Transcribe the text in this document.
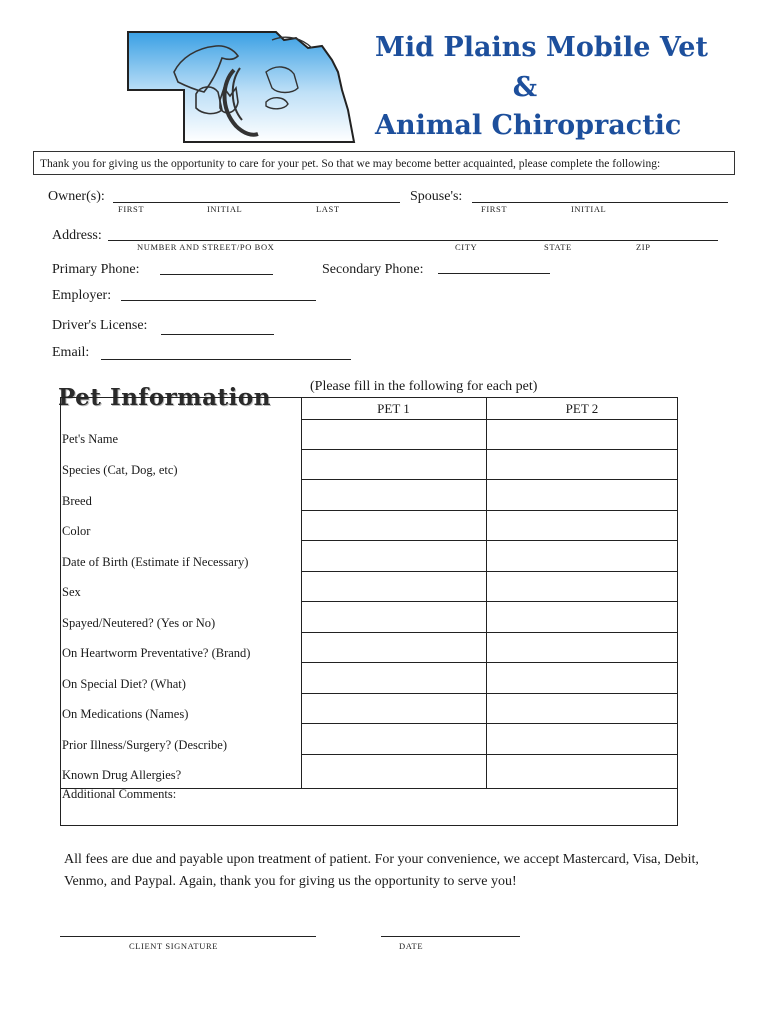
Mid Plains Mobile Vet
&
Animal Chiropractic
Thank you for giving us the opportunity to care for your pet. So that we may become better acquainted, please complete the following:
Owner(s):
FIRST	INITIAL	LAST
Spouse's:
FIRST	INITIAL
Address:
NUMBER AND STREET/PO BOX	CITY	STATE	ZIP
Primary Phone:	Secondary Phone:
Employer:
Driver's License:
Email:
Pet Information	(Please fill in the following for each pet)
PET 1	PET 2
Pet's Name
Species (Cat, Dog, etc)
Breed
Color
Date of Birth (Estimate if Necessary)
Sex
Spayed/Neutered? (Yes or No)
On Heartworm Preventative? (Brand)
On Special Diet? (What)
On Medications (Names)
Prior Illness/Surgery? (Describe)
Known Drug Allergies?
Additional Comments:
All fees are due and payable upon treatment of patient. For your convenience, we accept Mastercard, Visa, Debit, Venmo, and Paypal. Again, thank you for giving us the opportunity to serve you!
CLIENT SIGNATURE	DATE
